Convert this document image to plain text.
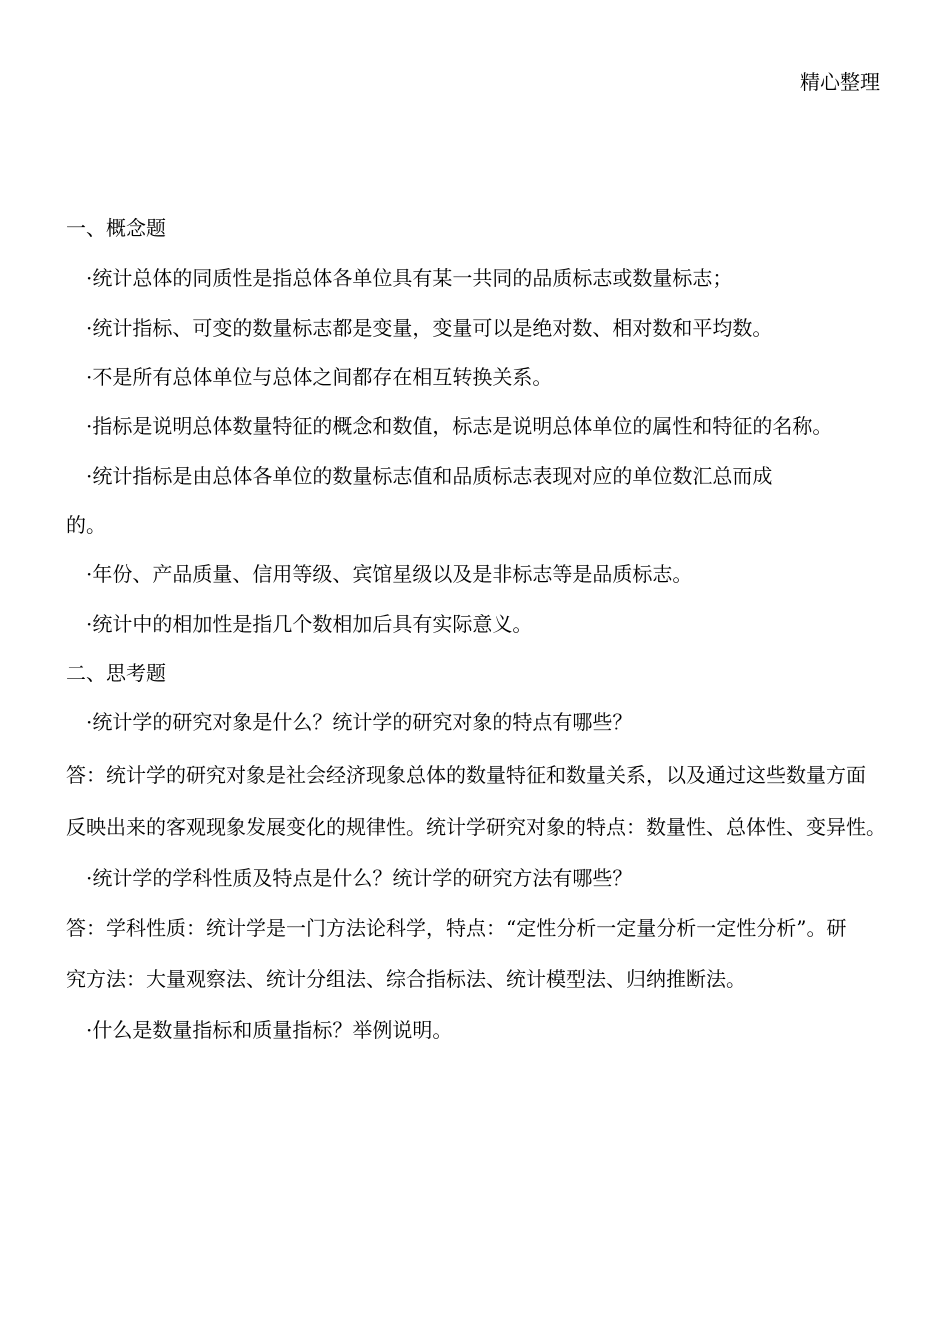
精心整理
一、概念题
·统计总体的同质性是指总体各单位具有某一共同的品质标志或数量标志；
·统计指标、可变的数量标志都是变量，变量可以是绝对数、相对数和平均数。
·不是所有总体单位与总体之间都存在相互转换关系。
·指标是说明总体数量特征的概念和数值，标志是说明总体单位的属性和特征的名称。
·统计指标是由总体各单位的数量标志值和品质标志表现对应的单位数汇总而成
的。
·年份、产品质量、信用等级、宾馆星级以及是非标志等是品质标志。
·统计中的相加性是指几个数相加后具有实际意义。
二、思考题
·统计学的研究对象是什么？统计学的研究对象的特点有哪些？
答：统计学的研究对象是社会经济现象总体的数量特征和数量关系，以及通过这些数量方面
反映出来的客观现象发展变化的规律性。统计学研究对象的特点：数量性、总体性、变异性。
·统计学的学科性质及特点是什么？统计学的研究方法有哪些？
答：学科性质：统计学是一门方法论科学，特点：“定性分析一定量分析一定性分析”。研
究方法：大量观察法、统计分组法、综合指标法、统计模型法、归纳推断法。
·什么是数量指标和质量指标？举例说明。
